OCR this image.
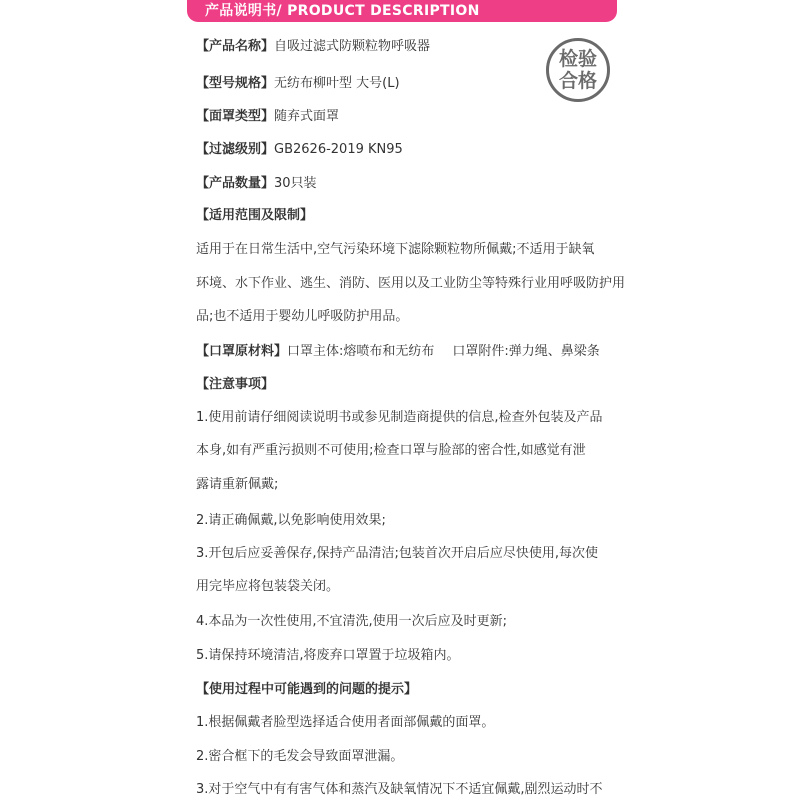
产品说明书/ PRODUCT DESCRIPTION
检验
合格
【产品名称】自吸过滤式防颗粒物呼吸器
【型号规格】无纺布柳叶型 大号(L)
【面罩类型】随弃式面罩
【过滤级别】GB2626-2019 KN95
【产品数量】30只装
【适用范围及限制】
适用于在日常生活中,空气污染环境下滤除颗粒物所佩戴;不适用于缺氧
环境、水下作业、逃生、消防、医用以及工业防尘等特殊行业用呼吸防护用
品;也不适用于婴幼儿呼吸防护用品。
【口罩原材料】口罩主体:熔喷布和无纺布 口罩附件:弹力绳、鼻梁条
【注意事项】
1.使用前请仔细阅读说明书或参见制造商提供的信息,检查外包装及产品
本身,如有严重污损则不可使用;检查口罩与脸部的密合性,如感觉有泄
露请重新佩戴;
2.请正确佩戴,以免影响使用效果;
3.开包后应妥善保存,保持产品清洁;包装首次开启后应尽快使用,每次使
用完毕应将包装袋关闭。
4.本品为一次性使用,不宜清洗,使用一次后应及时更新;
5.请保持环境清洁,将废弃口罩置于垃圾箱内。
【使用过程中可能遇到的问题的提示】
1.根据佩戴者脸型选择适合使用者面部佩戴的面罩。
2.密合框下的毛发会导致面罩泄漏。
3.对于空气中有有害气体和蒸汽及缺氧情况下不适宜佩戴,剧烈运动时不
